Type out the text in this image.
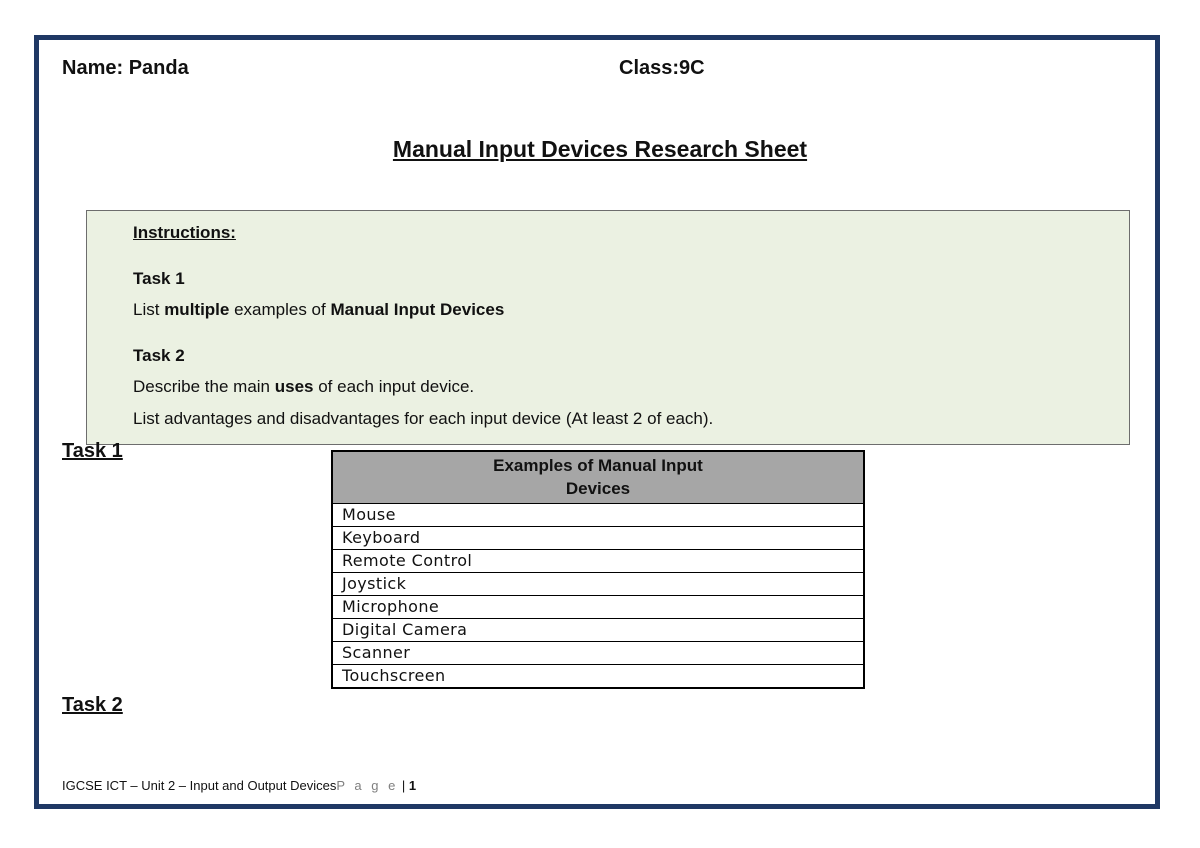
Name: Panda	Class:9C
Manual Input Devices Research Sheet
Instructions:
Task 1
List multiple examples of Manual Input Devices
Task 2
Describe the main uses of each input device.
List advantages and disadvantages for each input device (At least 2 of each).
Task 1
Examples of Manual Input
Devices
Mouse
Keyboard
Remote Control
Joystick
Microphone
Digital Camera
Scanner
Touchscreen
Task 2
IGCSE ICT – Unit 2 – Input and Output DevicesP a g e | 1
